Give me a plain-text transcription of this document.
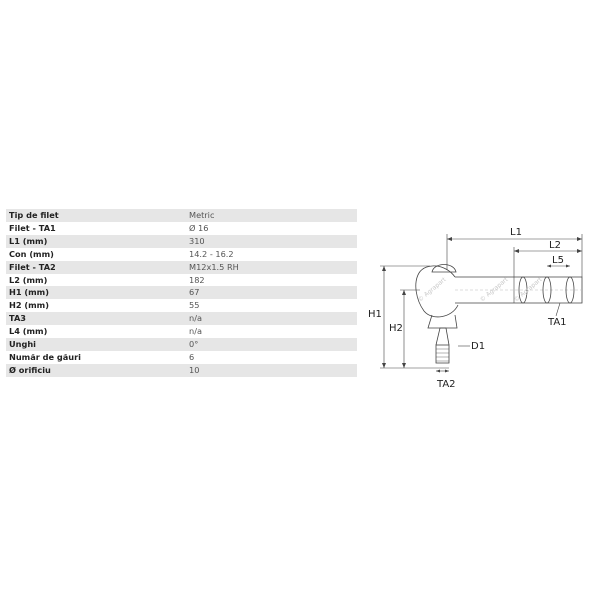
Tip de filet	Metric
Filet - TA1	Ø 16
L1 (mm)	310
Con (mm)	14.2 - 16.2
Filet - TA2	M12x1.5 RH
L2 (mm)	182
H1 (mm)	67
H2 (mm)	55
TA3	n/a
L4 (mm)	n/a
Unghi	0°
Număr de găuri	6
Ø orificiu	10
L1
L2
L5
H1
H2
D1
TA1
TA2
© Agrapart	© Agrapart © Agrapart
